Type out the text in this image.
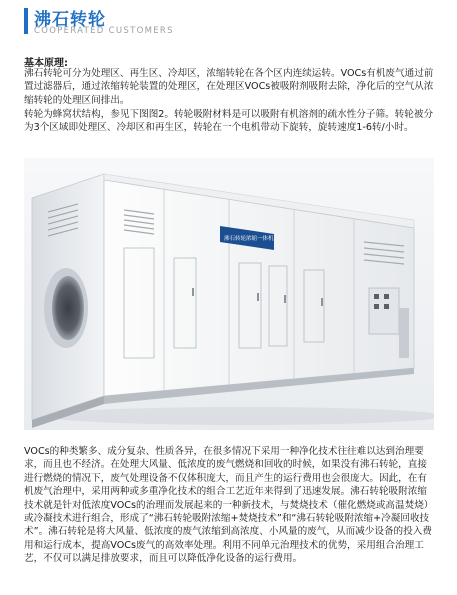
沸石转轮
COOPERATED CUSTOMERS
基本原理:
沸石转轮可分为处理区、再生区、冷却区，浓缩转轮在各个区内连续运转。VOCs有机废气通过前置过滤器后，通过浓缩转轮装置的处理区，在处理区VOCs被吸附剂吸附去除，净化后的空气从浓缩转轮的处理区间排出。
转轮为蜂窝状结构，参见下图图2。转轮吸附材料是可以吸附有机溶剂的疏水性分子筛。转轮被分为3个区域即处理区、冷却区和再生区，转轮在一个电机带动下旋转，旋转速度1-6转/小时。
沸石转轮浓缩一体机
VOCs的种类繁多、成分复杂、性质各异，在很多情况下采用一种净化技术往往难以达到治理要求，而且也不经济。在处理大风量、低浓度的废气燃烧和回收的时候，如果没有沸石转轮，直接进行燃烧的情况下，废气处理设备不仅体积庞大，而且产生的运行费用也会很庞大。因此，在有机废气治理中，采用两种或多重净化技术的组合工艺近年来得到了迅速发展。沸石转轮吸附浓缩技术就是针对低浓度VOCs的治理而发展起来的一种新技术，与焚烧技术（催化燃烧或高温焚烧）或冷凝技术进行组合，形成了“沸石转轮吸附浓缩+焚烧技术”和“沸石转轮吸附浓缩+冷凝回收技术”。沸石转轮是将大风量、低浓度的废气浓缩到高浓度、小风量的废气，从而减少设备的投入费用和运行成本，提高VOCs废气的高效率处理。利用不同单元治理技术的优势，采用组合治理工艺，不仅可以满足排放要求，而且可以降低净化设备的运行费用。
